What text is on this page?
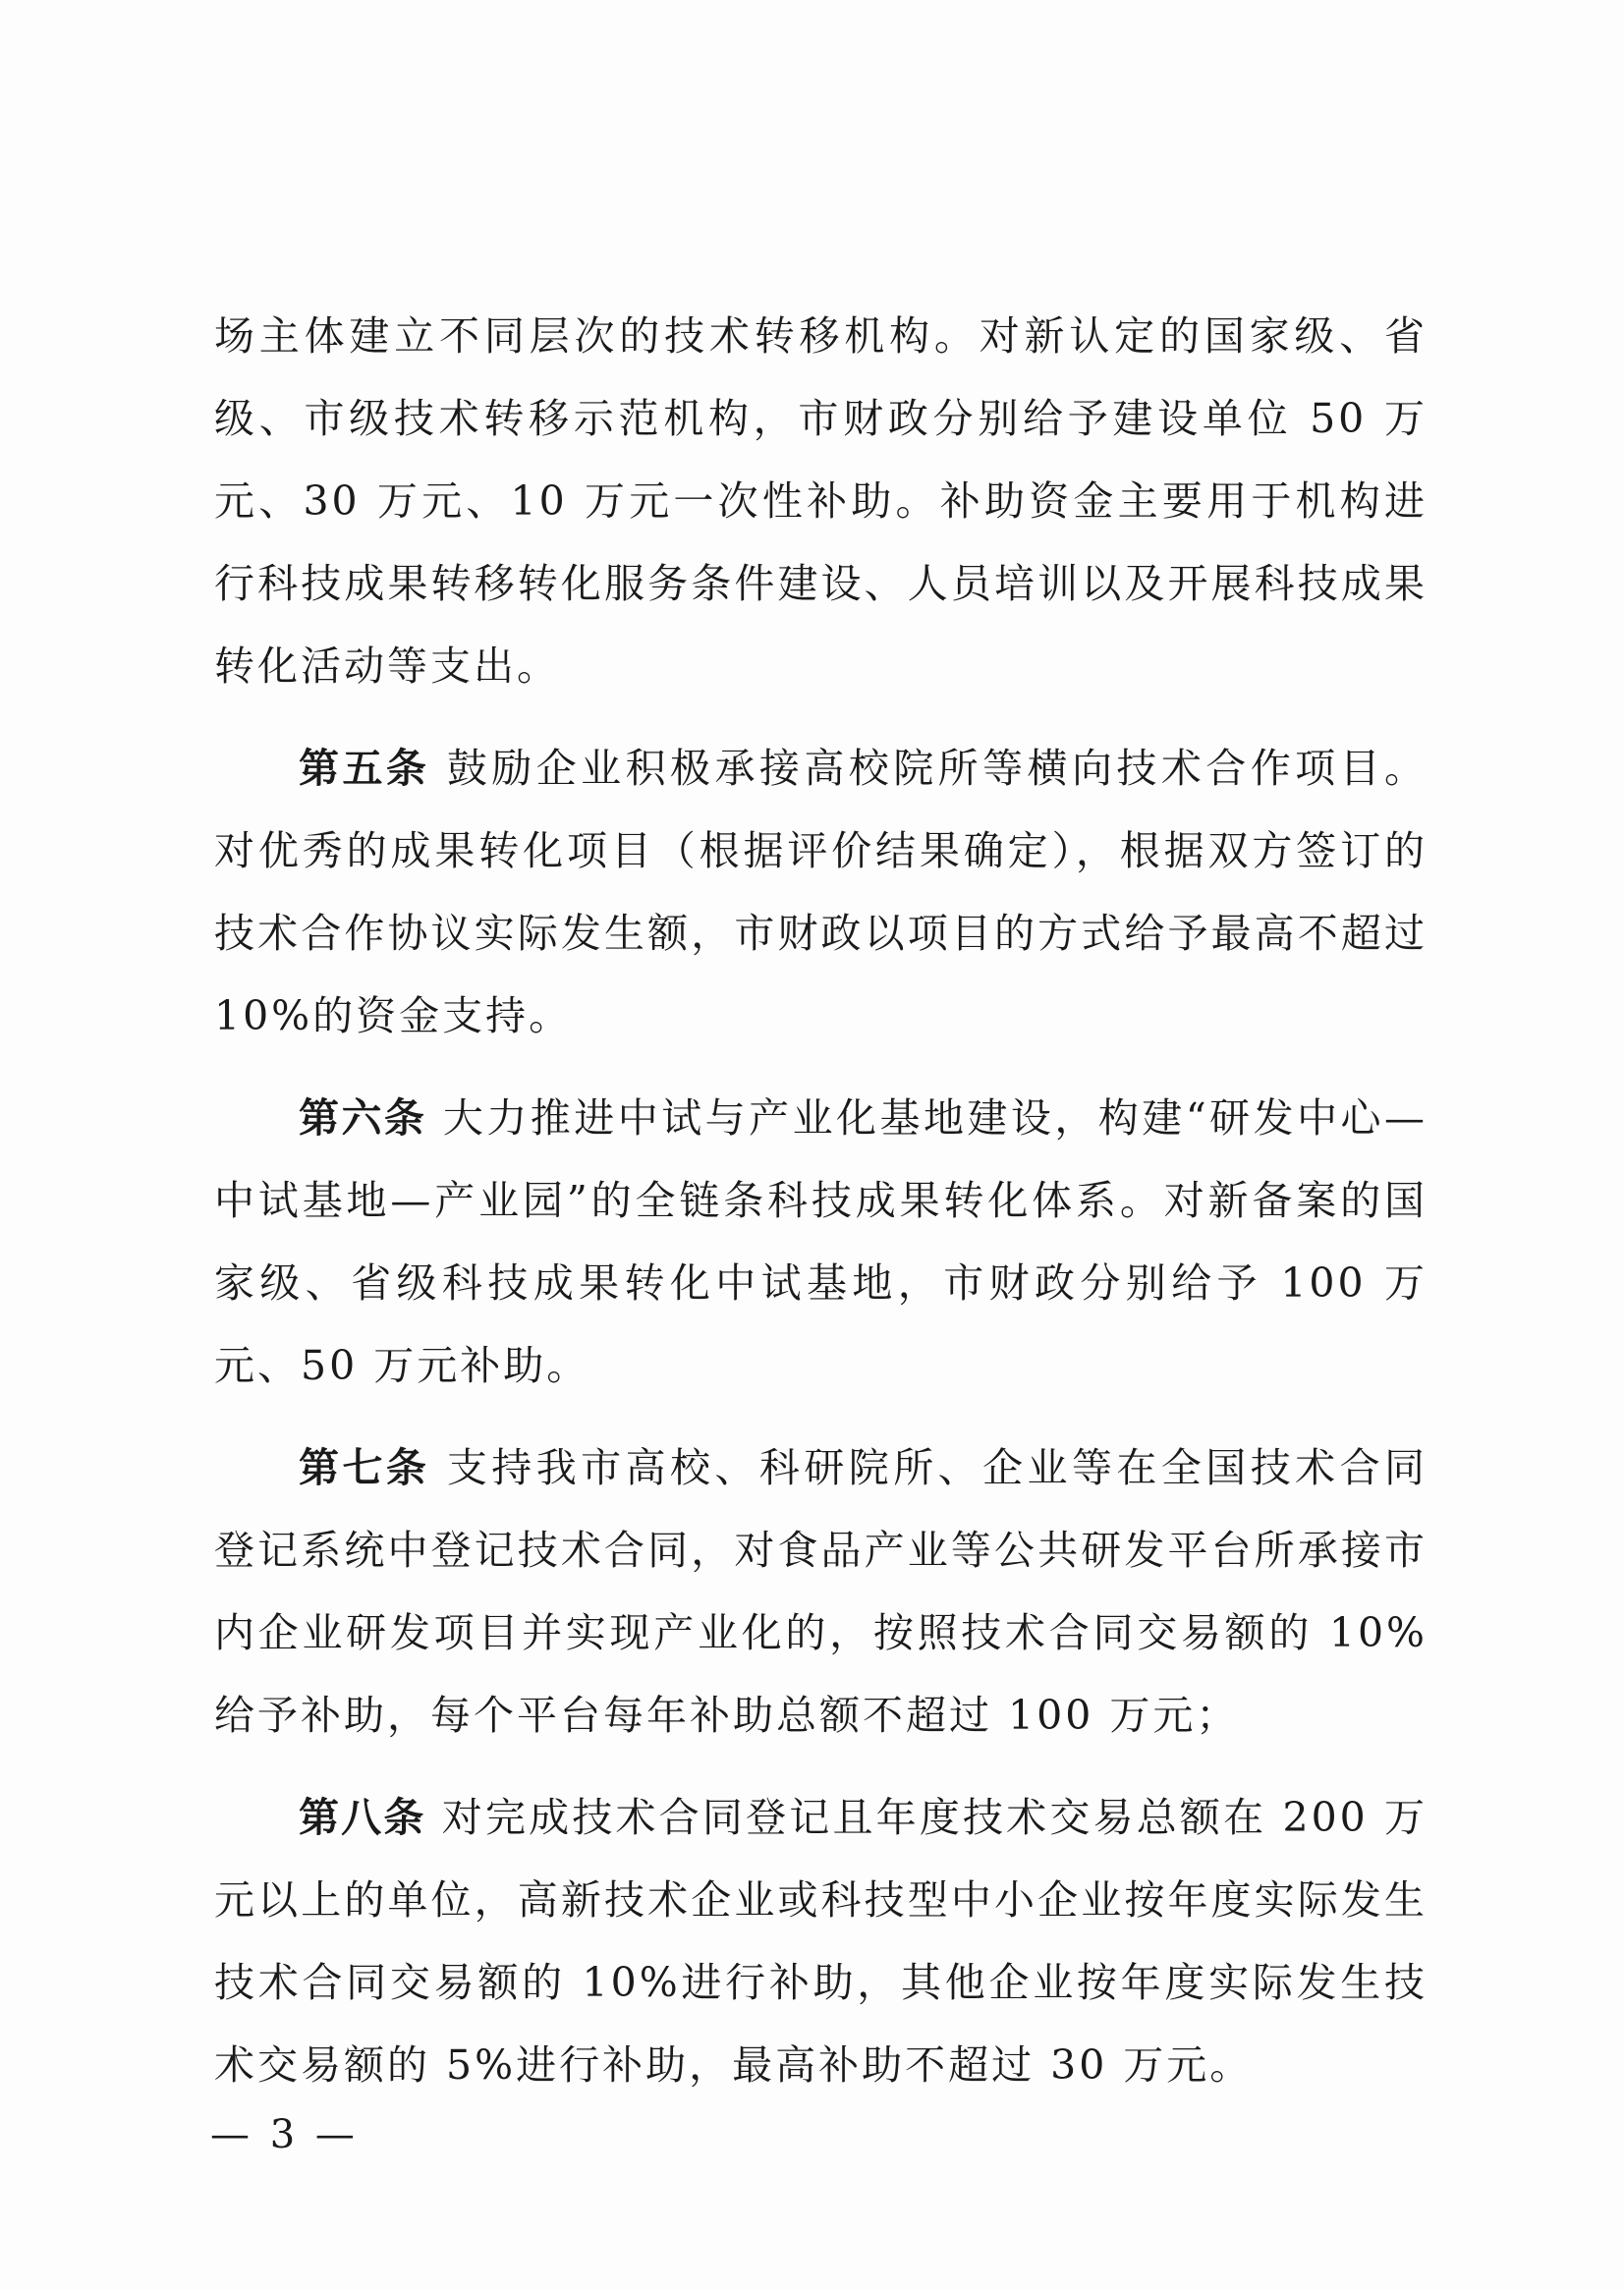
场主体建立不同层次的技术转移机构。对新认定的国家级、省级、市级技术转移示范机构，市财政分别给予建设单位 50 万元、30 万元、10 万元一次性补助。补助资金主要用于机构进行科技成果转移转化服务条件建设、人员培训以及开展科技成果转化活动等支出。

第五条 鼓励企业积极承接高校院所等横向技术合作项目。对优秀的成果转化项目（根据评价结果确定），根据双方签订的技术合作协议实际发生额，市财政以项目的方式给予最高不超过10%的资金支持。

第六条 大力推进中试与产业化基地建设，构建“研发中心—中试基地—产业园”的全链条科技成果转化体系。对新备案的国家级、省级科技成果转化中试基地，市财政分别给予 100 万元、50 万元补助。

第七条 支持我市高校、科研院所、企业等在全国技术合同登记系统中登记技术合同，对食品产业等公共研发平台所承接市内企业研发项目并实现产业化的，按照技术合同交易额的 10%给予补助，每个平台每年补助总额不超过 100 万元；

第八条 对完成技术合同登记且年度技术交易总额在 200 万元以上的单位，高新技术企业或科技型中小企业按年度实际发生技术合同交易额的 10%进行补助，其他企业按年度实际发生技术交易额的 5%进行补助，最高补助不超过 30 万元。

— 3 —
